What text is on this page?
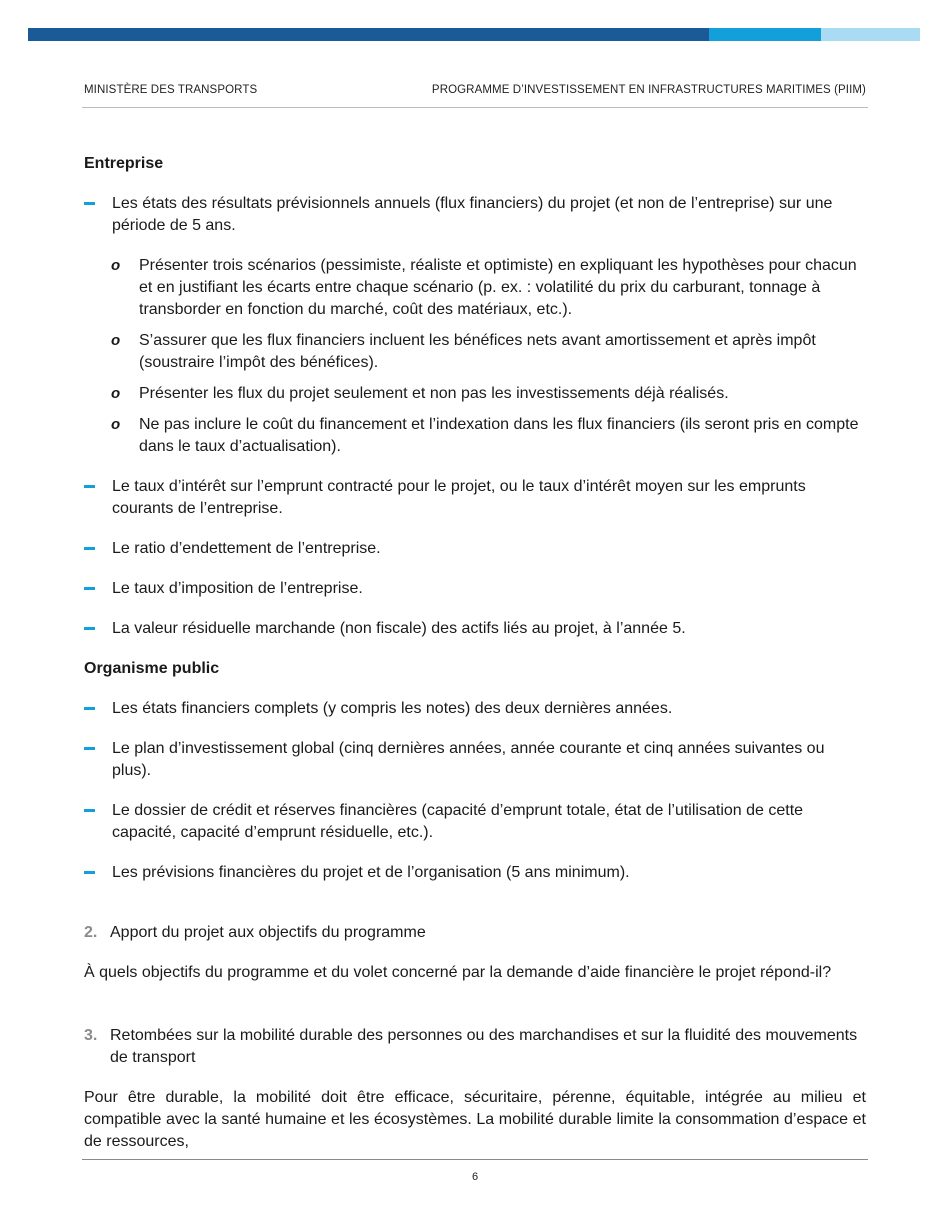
MINISTÈRE DES TRANSPORTS	PROGRAMME D’INVESTISSEMENT EN INFRASTRUCTURES MARITIMES (PIIM)
Entreprise
Les états des résultats prévisionnels annuels (flux financiers) du projet (et non de l’entreprise) sur une période de 5 ans.
o Présenter trois scénarios (pessimiste, réaliste et optimiste) en expliquant les hypothèses pour chacun et en justifiant les écarts entre chaque scénario (p. ex. : volatilité du prix du carburant, tonnage à transborder en fonction du marché, coût des matériaux, etc.).
o S’assurer que les flux financiers incluent les bénéfices nets avant amortissement et après impôt (soustraire l’impôt des bénéfices).
o Présenter les flux du projet seulement et non pas les investissements déjà réalisés.
o Ne pas inclure le coût du financement et l’indexation dans les flux financiers (ils seront pris en compte dans le taux d’actualisation).
Le taux d’intérêt sur l’emprunt contracté pour le projet, ou le taux d’intérêt moyen sur les emprunts courants de l’entreprise.
Le ratio d’endettement de l’entreprise.
Le taux d’imposition de l’entreprise.
La valeur résiduelle marchande (non fiscale) des actifs liés au projet, à l’année 5.
Organisme public
Les états financiers complets (y compris les notes) des deux dernières années.
Le plan d’investissement global (cinq dernières années, année courante et cinq années suivantes ou plus).
Le dossier de crédit et réserves financières (capacité d’emprunt totale, état de l’utilisation de cette capacité, capacité d’emprunt résiduelle, etc.).
Les prévisions financières du projet et de l’organisation (5 ans minimum).
2. Apport du projet aux objectifs du programme

À quels objectifs du programme et du volet concerné par la demande d’aide financière le projet répond-il?

3. Retombées sur la mobilité durable des personnes ou des marchandises et sur la fluidité des mouvements de transport

Pour être durable, la mobilité doit être efficace, sécuritaire, pérenne, équitable, intégrée au milieu et compatible avec la santé humaine et les écosystèmes. La mobilité durable limite la consommation d’espace et de ressources,

6
